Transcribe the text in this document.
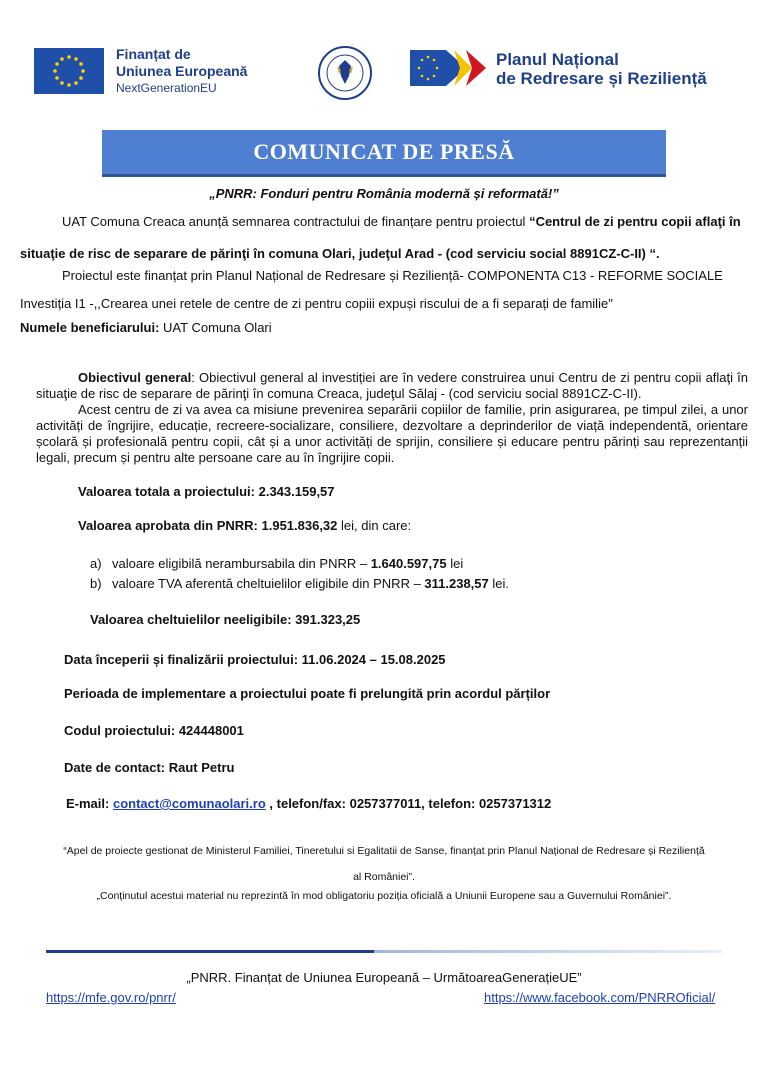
Finanțat de
Uniunea Europeană
NextGenerationEU
Planul Național
de Redresare și Reziliență
COMUNICAT DE PRESĂ
„PNRR: Fonduri pentru România modernă și reformată!”
UAT Comuna Creaca anunță semnarea contractului de finanțare pentru proiectul “Centrul de zi pentru copii aflaţi în situaţie de risc de separare de părinţi în comuna Olari, judeţul Arad - (cod serviciu social 8891CZ-C-II) “.
Proiectul este finanțat prin Planul Național de Redresare și Reziliență- COMPONENTA C13 - REFORME SOCIALE Investiția I1 -,,Crearea unei retele de centre de zi pentru copiii expuși riscului de a fi separați de familie"
Numele beneficiarului: UAT Comuna Olari
Obiectivul general: Obiectivul general al investiției are în vedere construirea unui Centru de zi pentru copii aflaţi în situaţie de risc de separare de părinţi în comuna Creaca, judeţul Sălaj - (cod serviciu social 8891CZ-C-II).
Acest centru de zi va avea ca misiune prevenirea separării copiilor de familie, prin asigurarea, pe timpul zilei, a unor activități de îngrijire, educație, recreere-socializare, consiliere, dezvoltare a deprinderilor de viață independentă, orientare școlară și profesională pentru copii, cât și a unor activități de sprijin, consiliere și educare pentru părinți sau reprezentanții legali, precum și pentru alte persoane care au în îngrijire copii.
Valoarea totala a proiectului: 2.343.159,57
Valoarea aprobata din PNRR: 1.951.836,32 lei, din care:
a) valoare eligibilă nerambursabila din PNRR – 1.640.597,75 lei
b) valoare TVA aferentă cheltuielilor eligibile din PNRR – 311.238,57 lei.
Valoarea cheltuielilor neeligibile: 391.323,25
Data începerii și finalizării proiectului: 11.06.2024 – 15.08.2025
Perioada de implementare a proiectului poate fi prelungită prin acordul părților
Codul proiectului: 424448001
Date de contact: Raut Petru
E-mail: contact@comunaolari.ro , telefon/fax: 0257377011, telefon: 0257371312
“Apel de proiecte gestionat de Ministerul Familiei, Tineretului si Egalitatii de Sanse, finanțat prin Planul Național de Redresare și Reziliență
al României”.
„Conținutul acestui material nu reprezintă în mod obligatoriu poziția oficială a Uniunii Europene sau a Guvernului României”.
„PNRR. Finanțat de Uniunea Europeană – UrmătoareaGenerațieUE”
https://mfe.gov.ro/pnrr/	https://www.facebook.com/PNRROficial/
